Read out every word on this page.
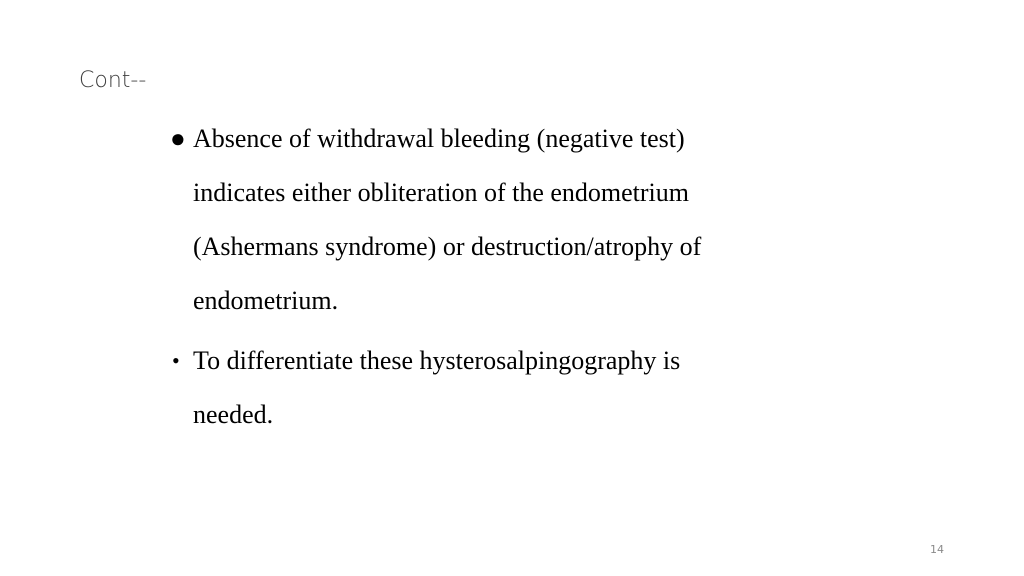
Cont--
● Absence of withdrawal bleeding (negative test)
indicates either obliteration of the endometrium
(Ashermans syndrome) or destruction/atrophy of
endometrium.
• To differentiate these hysterosalpingography is
needed.
14
